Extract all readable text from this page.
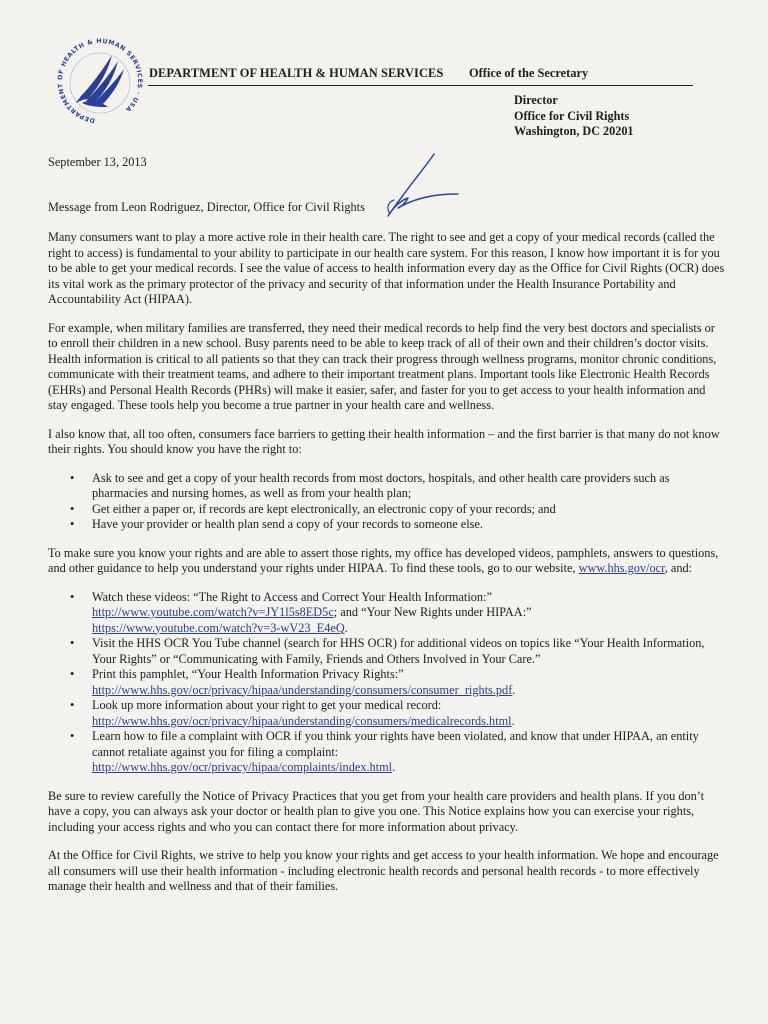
DEPARTMENT OF HEALTH & HUMAN SERVICES · USA
DEPARTMENT OF HEALTH & HUMAN SERVICES Office of the Secretary
Director
Office for Civil Rights
Washington, DC 20201
September 13, 2013
Message from Leon Rodriguez, Director, Office for Civil Rights

Many consumers want to play a more active role in their health care. The right to see and get a copy of your medical records (called the right to access) is fundamental to your ability to participate in our health care system. For this reason, I know how important it is for you to be able to get your medical records. I see the value of access to health information every day as the Office for Civil Rights (OCR) does its vital work as the primary protector of the privacy and security of that information under the Health Insurance Portability and Accountability Act (HIPAA).

For example, when military families are transferred, they need their medical records to help find the very best doctors and specialists or to enroll their children in a new school. Busy parents need to be able to keep track of all of their own and their children’s doctor visits. Health information is critical to all patients so that they can track their progress through wellness programs, monitor chronic conditions, communicate with their treatment teams, and adhere to their important treatment plans. Important tools like Electronic Health Records (EHRs) and Personal Health Records (PHRs) will make it easier, safer, and faster for you to get access to your health information and stay engaged. These tools help you become a true partner in your health care and wellness.

I also know that, all too often, consumers face barriers to getting their health information – and the first barrier is that many do not know their rights. You should know you have the right to:

• Ask to see and get a copy of your health records from most doctors, hospitals, and other health care providers such as pharmacies and nursing homes, as well as from your health plan;
• Get either a paper or, if records are kept electronically, an electronic copy of your records; and
• Have your provider or health plan send a copy of your records to someone else.

To make sure you know your rights and are able to assert those rights, my office has developed videos, pamphlets, answers to questions, and other guidance to help you understand your rights under HIPAA. To find these tools, go to our website, www.hhs.gov/ocr, and:

• Watch these videos: “The Right to Access and Correct Your Health Information:”
http://www.youtube.com/watch?v=JY1l5s8ED5c; and “Your New Rights under HIPAA:”
https://www.youtube.com/watch?v=3-wV23_E4eQ.
• Visit the HHS OCR You Tube channel (search for HHS OCR) for additional videos on topics like “Your Health Information, Your Rights” or “Communicating with Family, Friends and Others Involved in Your Care.”
• Print this pamphlet, “Your Health Information Privacy Rights:”
http://www.hhs.gov/ocr/privacy/hipaa/understanding/consumers/consumer_rights.pdf.
• Look up more information about your right to get your medical record:
http://www.hhs.gov/ocr/privacy/hipaa/understanding/consumers/medicalrecords.html.
• Learn how to file a complaint with OCR if you think your rights have been violated, and know that under HIPAA, an entity cannot retaliate against you for filing a complaint:
http://www.hhs.gov/ocr/privacy/hipaa/complaints/index.html.

Be sure to review carefully the Notice of Privacy Practices that you get from your health care providers and health plans. If you don’t have a copy, you can always ask your doctor or health plan to give you one. This Notice explains how you can exercise your rights, including your access rights and who you can contact there for more information about privacy.

At the Office for Civil Rights, we strive to help you know your rights and get access to your health information. We hope and encourage all consumers will use their health information - including electronic health records and personal health records - to more effectively manage their health and wellness and that of their families.
